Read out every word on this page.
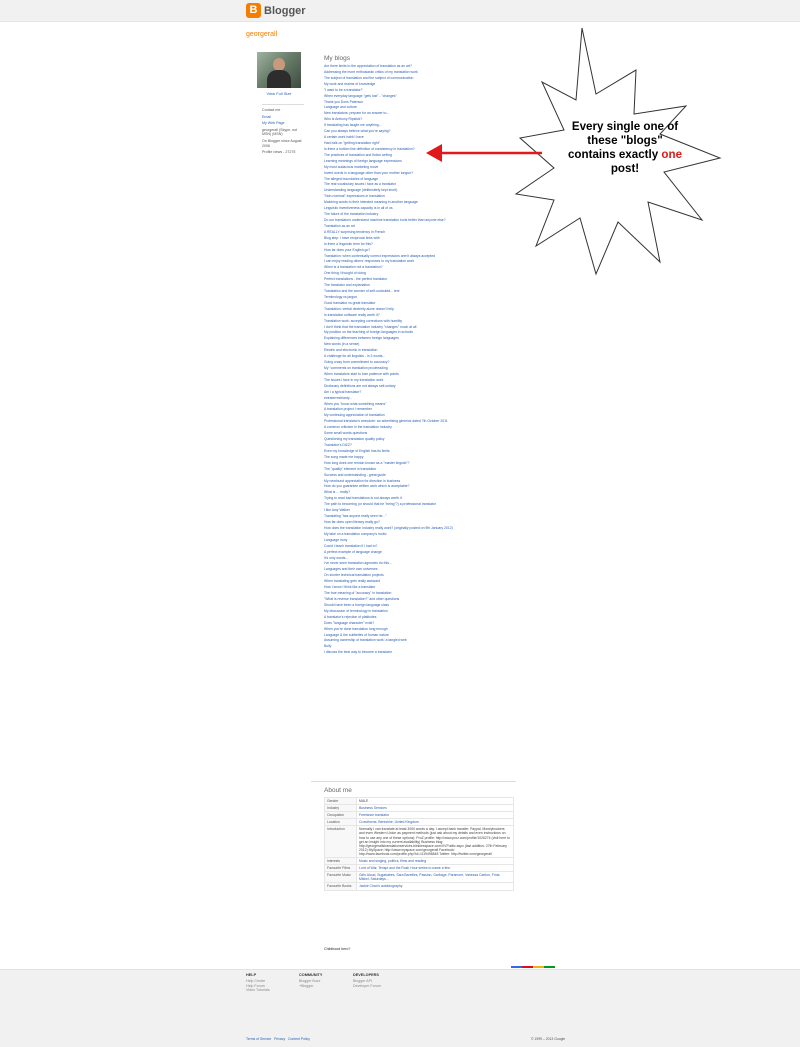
B Blogger
georgerall
View Full Size

Contact me

Email

My Web Page

georgerall (Skype, not MSN) (MSN)

On Blogger since August 2006

Profile views - 27275

My blogs
Are there limits to the appreciation of translation as an art?
Addressing the more enthusiastic critics of my translation work
The subject of translation and the subject of communication
My work and realms of knowledge
"I want to be a translator!"
When everyday language "gets lost" - "changes"
Thank you Doris Paterson
Language and culture
New translators: prepare for an answer to...
Who is Anthony Ripstick?
If translating has taught me anything...
Can you always believe what you're saying?
A certain work habit I have
Hard talk on "getting translation right"
Is there a bottom line definition of consistency in translation?
The practices of translation and fiction writing
Learning meanings of foreign language expressions
My most audacious marketing move
Invent words in a language other than your mother tongue?
The alleged boundaries of language
The real vocabulary issues I face as a translator
Understanding language (deliberately kept short)
"Non-nominal" expressions in translation
Matching words to their intended meaning in another language
Linguistic inventiveness capacity is in all of us
The future of the translation industry
Do our translators understand machine translation tools better than anyone else?
Translation as an art
A REALLY surprising tendency in French
Blog step: I have reciprocal links with
Is there a linguistic term for this?
How far does your English go?
Translation: when contextually correct expressions aren't always accepted
I can enjoy reading others' responses to my translation work
When is a translation not a translation?
One thing I thought of doing
Perfect translations - the perfect translator
The translator and explanation
Translation and the wonder of self-undoubtd... text
Terminology vs jargon
Good translator vs great translator
Translation: verbal dexterity alone doesn't help
Is translation software really worth it?
Translation work: accepting corrections with humility
I don't think that the translation industry "changes" much at all
My position on the teaching of foreign languages in schools
Explaining differences between foreign languages
New words (in a sense)
Electric and electronic in translation
A challenge for all linguists - in 3 words...
Going crazy from commitment to accuracy?
My "comments on translation proofreading
When translators start to lose patience with points
The issues I face in my translation work
Dictionary definitions are not always self-unitary
Am I a typical translator?
extraterrestrianty...
When you "know what something means"
A translation project I remember
My continuing appreciation of translation
Professional translator's anecdote: an advertising gimmick dated 7th October 2011
A common criticism in the translation industry
Some small words questions
Questioning my translation quality policy
Translator's DIZZ?
Even my knowledge of English has its limits
The song made me happy
How long does one remain known as a "master linguist"?
The "quality" element in translation
Success and understanding - great guide
My newfound appreciation for direction in business
How do you guarantee written work which is acceptable?
What is ... really?
Trying to read bad translations is not always worth it
The path to becoming (or should that be "being"?) a professional translator
I like Amy Walker
Translating "has anyone really seen he..."
How far does open literacy really go?
How does the translation industry really work? (originally posted on 9th January 2012)
My take on a translation company's motto
Language irony
Could I teach translation if I had to?
A perfect example of language change
It's only words...
I've never seen translation agencies do this...
Languages and their own universes
On shorter technical translation projects
When translating gets really awkward
How I know I think like a translator
The true meaning of "accuracy" in translation
"What is reverse translation?" and other questions
Should have been a foreign language class
My discussion of terminology in translation
A translator's rejection of platitudes
Does "language character" exist?
When you're done translation long enough
Language & the subtleties of human nature
Assuming ownership of translation work: a tangled web
Bully
I discuss the best way to become a translator
About me
Gender	MALE
Industry	Business Services
Occupation	Freelance translator
Location	Crowthorne, Berkshire, United Kingdom
Introduction	Normally I can translate at least 3000 words a day. I accept bank transfer, Paypal, Moneybookers and even Western Union as payment methods (just ask about my details and even instructions on how to use any one of these options). ProZ profile: http://www.proz.com/profile/1026274 (visit here to get an insight into my current availability) Business blog: http://georgerallstranslationservices.blinklesspace.com/XVPublic.aspx (last addition: 27th February 2012) MySpace: http://www.myspace.com/georgerall Facebook: http://www.facebook.com/profile.php?id=1119496848 Twitter: http://twitter.com/georgerall
Interests	Music and singing, politics, films and reading
Favourite Films	Lord of War, Tenspt and the Rush Hour series to name a few.
Favourite Music	Girls Aloud, Sugababes, Sara Bareilles, Passion, Garbage, Paramore, Vanessa Carlton, Frida Mikkel, Saturdays...
Favourite Books	Jackie Chan's autobiography
Childhood hero?
Every single one of
these "blogs"
contains exactly one
post!
HELP
Help Centre
Help Forum
Video Tutorials
COMMUNITY
Blogger Buzz
+Blogger
DEVELOPERS
Blogger API
Developer Forum
Terms of Service Privacy Content Policy	© 1999 – 2013 Google
